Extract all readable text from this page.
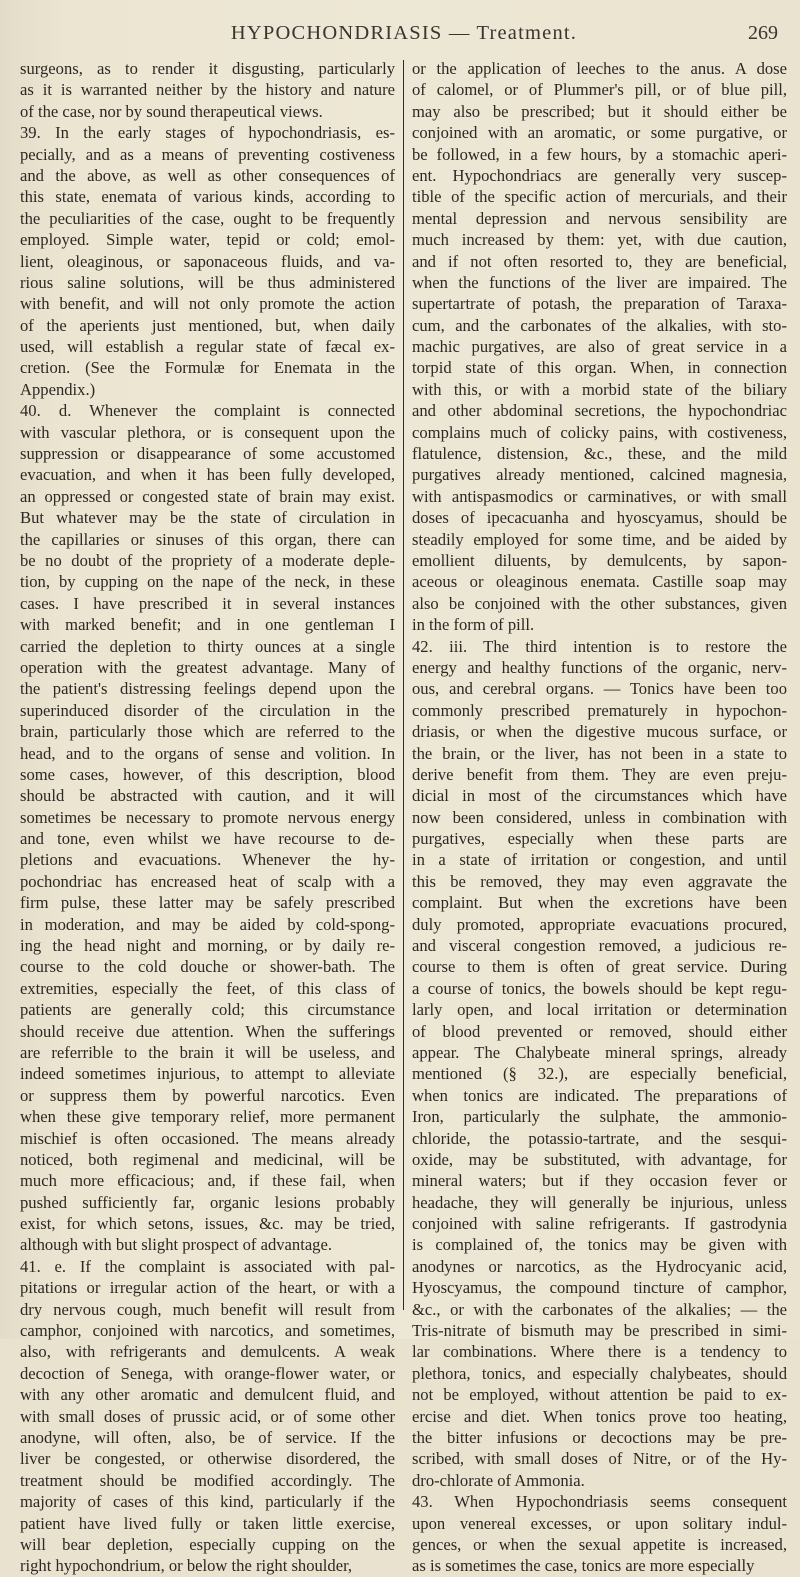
HYPOCHONDRIASIS — Treatment.	269
surgeons, as to render it disgusting, particularly
as it is warranted neither by the history and nature
of the case, nor by sound therapeutical views.
39. In the early stages of hypochondriasis, es-
pecially, and as a means of preventing costiveness
and the above, as well as other consequences of
this state, enemata of various kinds, according to
the peculiarities of the case, ought to be frequently
employed. Simple water, tepid or cold; emol-
lient, oleaginous, or saponaceous fluids, and va-
rious saline solutions, will be thus administered
with benefit, and will not only promote the action
of the aperients just mentioned, but, when daily
used, will establish a regular state of fæcal ex-
cretion. (See the Formulæ for Enemata in the
Appendix.)
40. d. Whenever the complaint is connected
with vascular plethora, or is consequent upon the
suppression or disappearance of some accustomed
evacuation, and when it has been fully developed,
an oppressed or congested state of brain may exist.
But whatever may be the state of circulation in
the capillaries or sinuses of this organ, there can
be no doubt of the propriety of a moderate deple-
tion, by cupping on the nape of the neck, in these
cases. I have prescribed it in several instances
with marked benefit; and in one gentleman I
carried the depletion to thirty ounces at a single
operation with the greatest advantage. Many of
the patient's distressing feelings depend upon the
superinduced disorder of the circulation in the
brain, particularly those which are referred to the
head, and to the organs of sense and volition. In
some cases, however, of this description, blood
should be abstracted with caution, and it will
sometimes be necessary to promote nervous energy
and tone, even whilst we have recourse to de-
pletions and evacuations. Whenever the hy-
pochondriac has encreased heat of scalp with a
firm pulse, these latter may be safely prescribed
in moderation, and may be aided by cold-spong-
ing the head night and morning, or by daily re-
course to the cold douche or shower-bath. The
extremities, especially the feet, of this class of
patients are generally cold; this circumstance
should receive due attention. When the sufferings
are referrible to the brain it will be useless, and
indeed sometimes injurious, to attempt to alleviate
or suppress them by powerful narcotics. Even
when these give temporary relief, more permanent
mischief is often occasioned. The means already
noticed, both regimenal and medicinal, will be
much more efficacious; and, if these fail, when
pushed sufficiently far, organic lesions probably
exist, for which setons, issues, &c. may be tried,
although with but slight prospect of advantage.
41. e. If the complaint is associated with pal-
pitations or irregular action of the heart, or with a
dry nervous cough, much benefit will result from
camphor, conjoined with narcotics, and sometimes,
also, with refrigerants and demulcents. A weak
decoction of Senega, with orange-flower water, or
with any other aromatic and demulcent fluid, and
with small doses of prussic acid, or of some other
anodyne, will often, also, be of service. If the
liver be congested, or otherwise disordered, the
treatment should be modified accordingly. The
majority of cases of this kind, particularly if the
patient have lived fully or taken little exercise,
will bear depletion, especially cupping on the
right hypochondrium, or below the right shoulder,
or the application of leeches to the anus. A dose
of calomel, or of Plummer's pill, or of blue pill,
may also be prescribed; but it should either be
conjoined with an aromatic, or some purgative, or
be followed, in a few hours, by a stomachic aperi-
ent. Hypochondriacs are generally very suscep-
tible of the specific action of mercurials, and their
mental depression and nervous sensibility are
much increased by them: yet, with due caution,
and if not often resorted to, they are beneficial,
when the functions of the liver are impaired. The
supertartrate of potash, the preparation of Taraxa-
cum, and the carbonates of the alkalies, with sto-
machic purgatives, are also of great service in a
torpid state of this organ. When, in connection
with this, or with a morbid state of the biliary
and other abdominal secretions, the hypochondriac
complains much of colicky pains, with costiveness,
flatulence, distension, &c., these, and the mild
purgatives already mentioned, calcined magnesia,
with antispasmodics or carminatives, or with small
doses of ipecacuanha and hyoscyamus, should be
steadily employed for some time, and be aided by
emollient diluents, by demulcents, by sapon-
aceous or oleaginous enemata. Castille soap may
also be conjoined with the other substances, given
in the form of pill.
42. iii. The third intention is to restore the
energy and healthy functions of the organic, nerv-
ous, and cerebral organs. — Tonics have been too
commonly prescribed prematurely in hypochon-
driasis, or when the digestive mucous surface, or
the brain, or the liver, has not been in a state to
derive benefit from them. They are even preju-
dicial in most of the circumstances which have
now been considered, unless in combination with
purgatives, especially when these parts are
in a state of irritation or congestion, and until
this be removed, they may even aggravate the
complaint. But when the excretions have been
duly promoted, appropriate evacuations procured,
and visceral congestion removed, a judicious re-
course to them is often of great service. During
a course of tonics, the bowels should be kept regu-
larly open, and local irritation or determination
of blood prevented or removed, should either
appear. The Chalybeate mineral springs, already
mentioned (§ 32.), are especially beneficial,
when tonics are indicated. The preparations of
Iron, particularly the sulphate, the ammonio-
chloride, the potassio-tartrate, and the sesqui-
oxide, may be substituted, with advantage, for
mineral waters; but if they occasion fever or
headache, they will generally be injurious, unless
conjoined with saline refrigerants. If gastrodynia
is complained of, the tonics may be given with
anodynes or narcotics, as the Hydrocyanic acid,
Hyoscyamus, the compound tincture of camphor,
&c., or with the carbonates of the alkalies; — the
Tris-nitrate of bismuth may be prescribed in simi-
lar combinations. Where there is a tendency to
plethora, tonics, and especially chalybeates, should
not be employed, without attention be paid to ex-
ercise and diet. When tonics prove too heating,
the bitter infusions or decoctions may be pre-
scribed, with small doses of Nitre, or of the Hy-
dro-chlorate of Ammonia.
43. When Hypochondriasis seems consequent
upon venereal excesses, or upon solitary indul-
gences, or when the sexual appetite is increased,
as is sometimes the case, tonics are more especially
